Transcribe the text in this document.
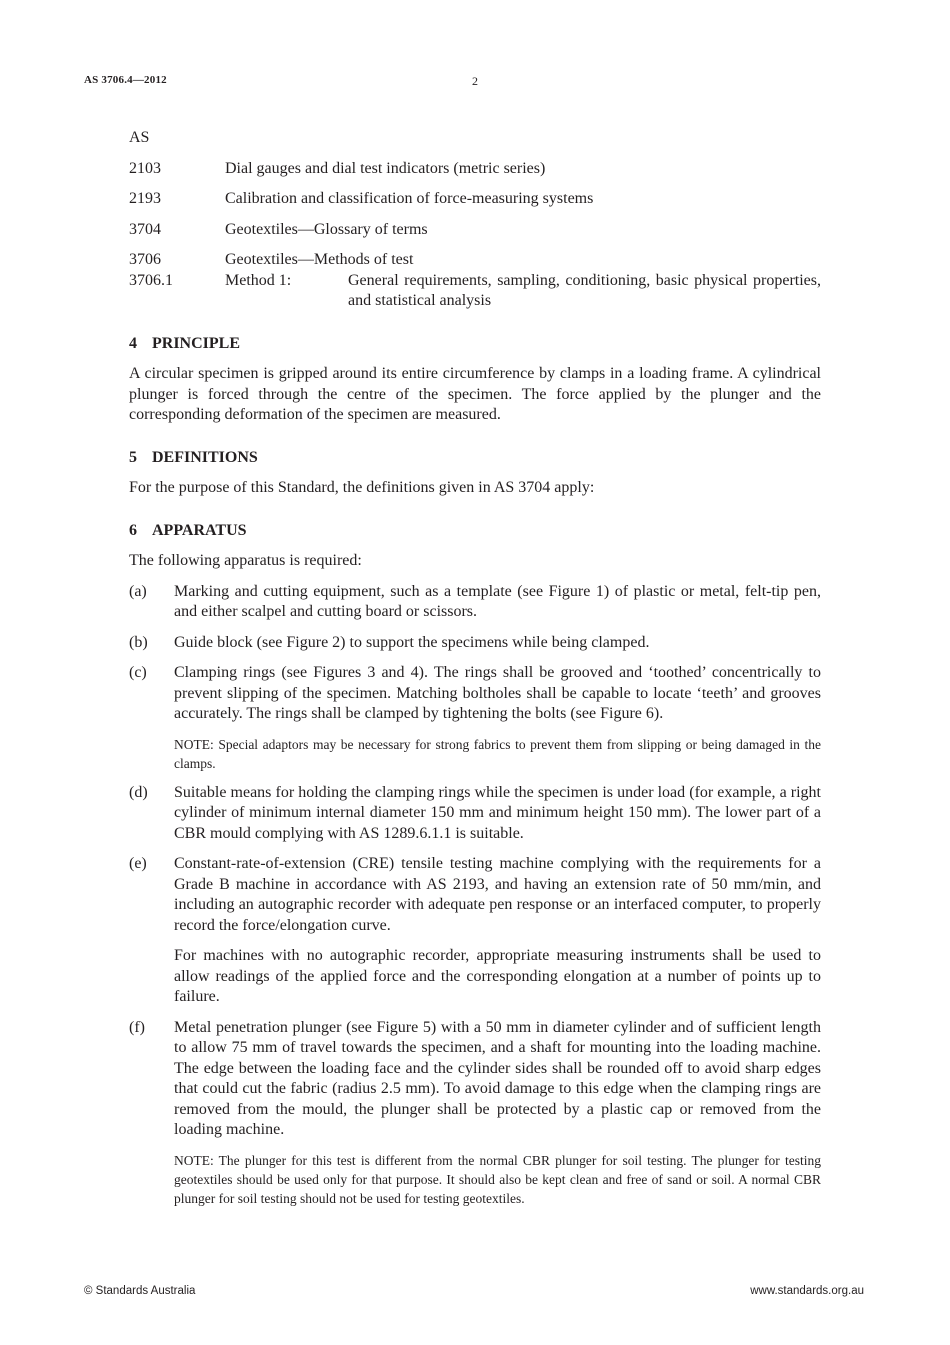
AS 3706.4—2012	2
AS
2103	Dial gauges and dial test indicators (metric series)
2193	Calibration and classification of force-measuring systems
3704	Geotextiles—Glossary of terms
3706	Geotextiles—Methods of test
3706.1	Method 1:	General requirements, sampling, conditioning, basic physical properties, and statistical analysis
4 PRINCIPLE

A circular specimen is gripped around its entire circumference by clamps in a loading frame. A cylindrical plunger is forced through the centre of the specimen. The force applied by the plunger and the corresponding deformation of the specimen are measured.

5 DEFINITIONS

For the purpose of this Standard, the definitions given in AS 3704 apply:

6 APPARATUS

The following apparatus is required:

(a)	Marking and cutting equipment, such as a template (see Figure 1) of plastic or metal, felt-tip pen, and either scalpel and cutting board or scissors.

(b)	Guide block (see Figure 2) to support the specimens while being clamped.

(c)	Clamping rings (see Figures 3 and 4). The rings shall be grooved and ‘toothed’ concentrically to prevent slipping of the specimen. Matching boltholes shall be capable to locate ‘teeth’ and grooves accurately. The rings shall be clamped by tightening the bolts (see Figure 6).

NOTE: Special adaptors may be necessary for strong fabrics to prevent them from slipping or being damaged in the clamps.

(d)	Suitable means for holding the clamping rings while the specimen is under load (for example, a right cylinder of minimum internal diameter 150 mm and minimum height 150 mm). The lower part of a CBR mould complying with AS 1289.6.1.1 is suitable.

(e)	Constant-rate-of-extension (CRE) tensile testing machine complying with the requirements for a Grade B machine in accordance with AS 2193, and having an extension rate of 50 mm/min, and including an autographic recorder with adequate pen response or an interfaced computer, to properly record the force/elongation curve.

For machines with no autographic recorder, appropriate measuring instruments shall be used to allow readings of the applied force and the corresponding elongation at a number of points up to failure.

(f)	Metal penetration plunger (see Figure 5) with a 50 mm in diameter cylinder and of sufficient length to allow 75 mm of travel towards the specimen, and a shaft for mounting into the loading machine. The edge between the loading face and the cylinder sides shall be rounded off to avoid sharp edges that could cut the fabric (radius 2.5 mm). To avoid damage to this edge when the clamping rings are removed from the mould, the plunger shall be protected by a plastic cap or removed from the loading machine.

NOTE: The plunger for this test is different from the normal CBR plunger for soil testing. The plunger for testing geotextiles should be used only for that purpose. It should also be kept clean and free of sand or soil. A normal CBR plunger for soil testing should not be used for testing geotextiles.

© Standards Australia	www.standards.org.au
